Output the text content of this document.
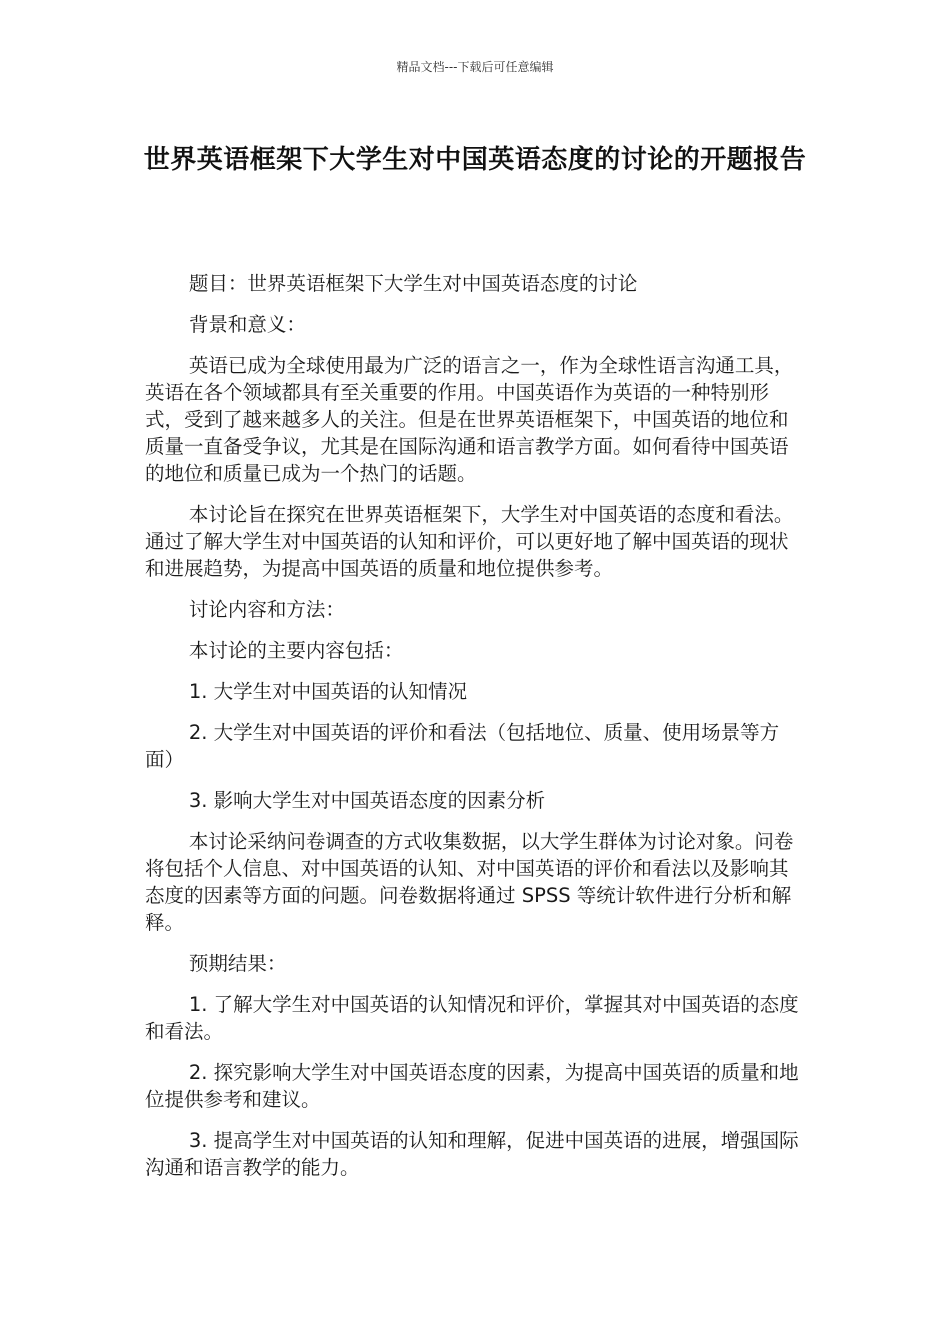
精品文档---下载后可任意编辑
世界英语框架下大学生对中国英语态度的讨论的开题报告

题目：世界英语框架下大学生对中国英语态度的讨论

背景和意义：

英语已成为全球使用最为广泛的语言之一，作为全球性语言沟通工具，英语在各个领域都具有至关重要的作用。中国英语作为英语的一种特别形式，受到了越来越多人的关注。但是在世界英语框架下，中国英语的地位和质量一直备受争议，尤其是在国际沟通和语言教学方面。如何看待中国英语的地位和质量已成为一个热门的话题。

本讨论旨在探究在世界英语框架下，大学生对中国英语的态度和看法。通过了解大学生对中国英语的认知和评价，可以更好地了解中国英语的现状和进展趋势，为提高中国英语的质量和地位提供参考。

讨论内容和方法：

本讨论的主要内容包括：

1. 大学生对中国英语的认知情况

2. 大学生对中国英语的评价和看法（包括地位、质量、使用场景等方面）

3. 影响大学生对中国英语态度的因素分析

本讨论采纳问卷调查的方式收集数据，以大学生群体为讨论对象。问卷将包括个人信息、对中国英语的认知、对中国英语的评价和看法以及影响其态度的因素等方面的问题。问卷数据将通过 SPSS 等统计软件进行分析和解释。

预期结果：

1. 了解大学生对中国英语的认知情况和评价，掌握其对中国英语的态度和看法。

2. 探究影响大学生对中国英语态度的因素，为提高中国英语的质量和地位提供参考和建议。

3. 提高学生对中国英语的认知和理解，促进中国英语的进展，增强国际沟通和语言教学的能力。
